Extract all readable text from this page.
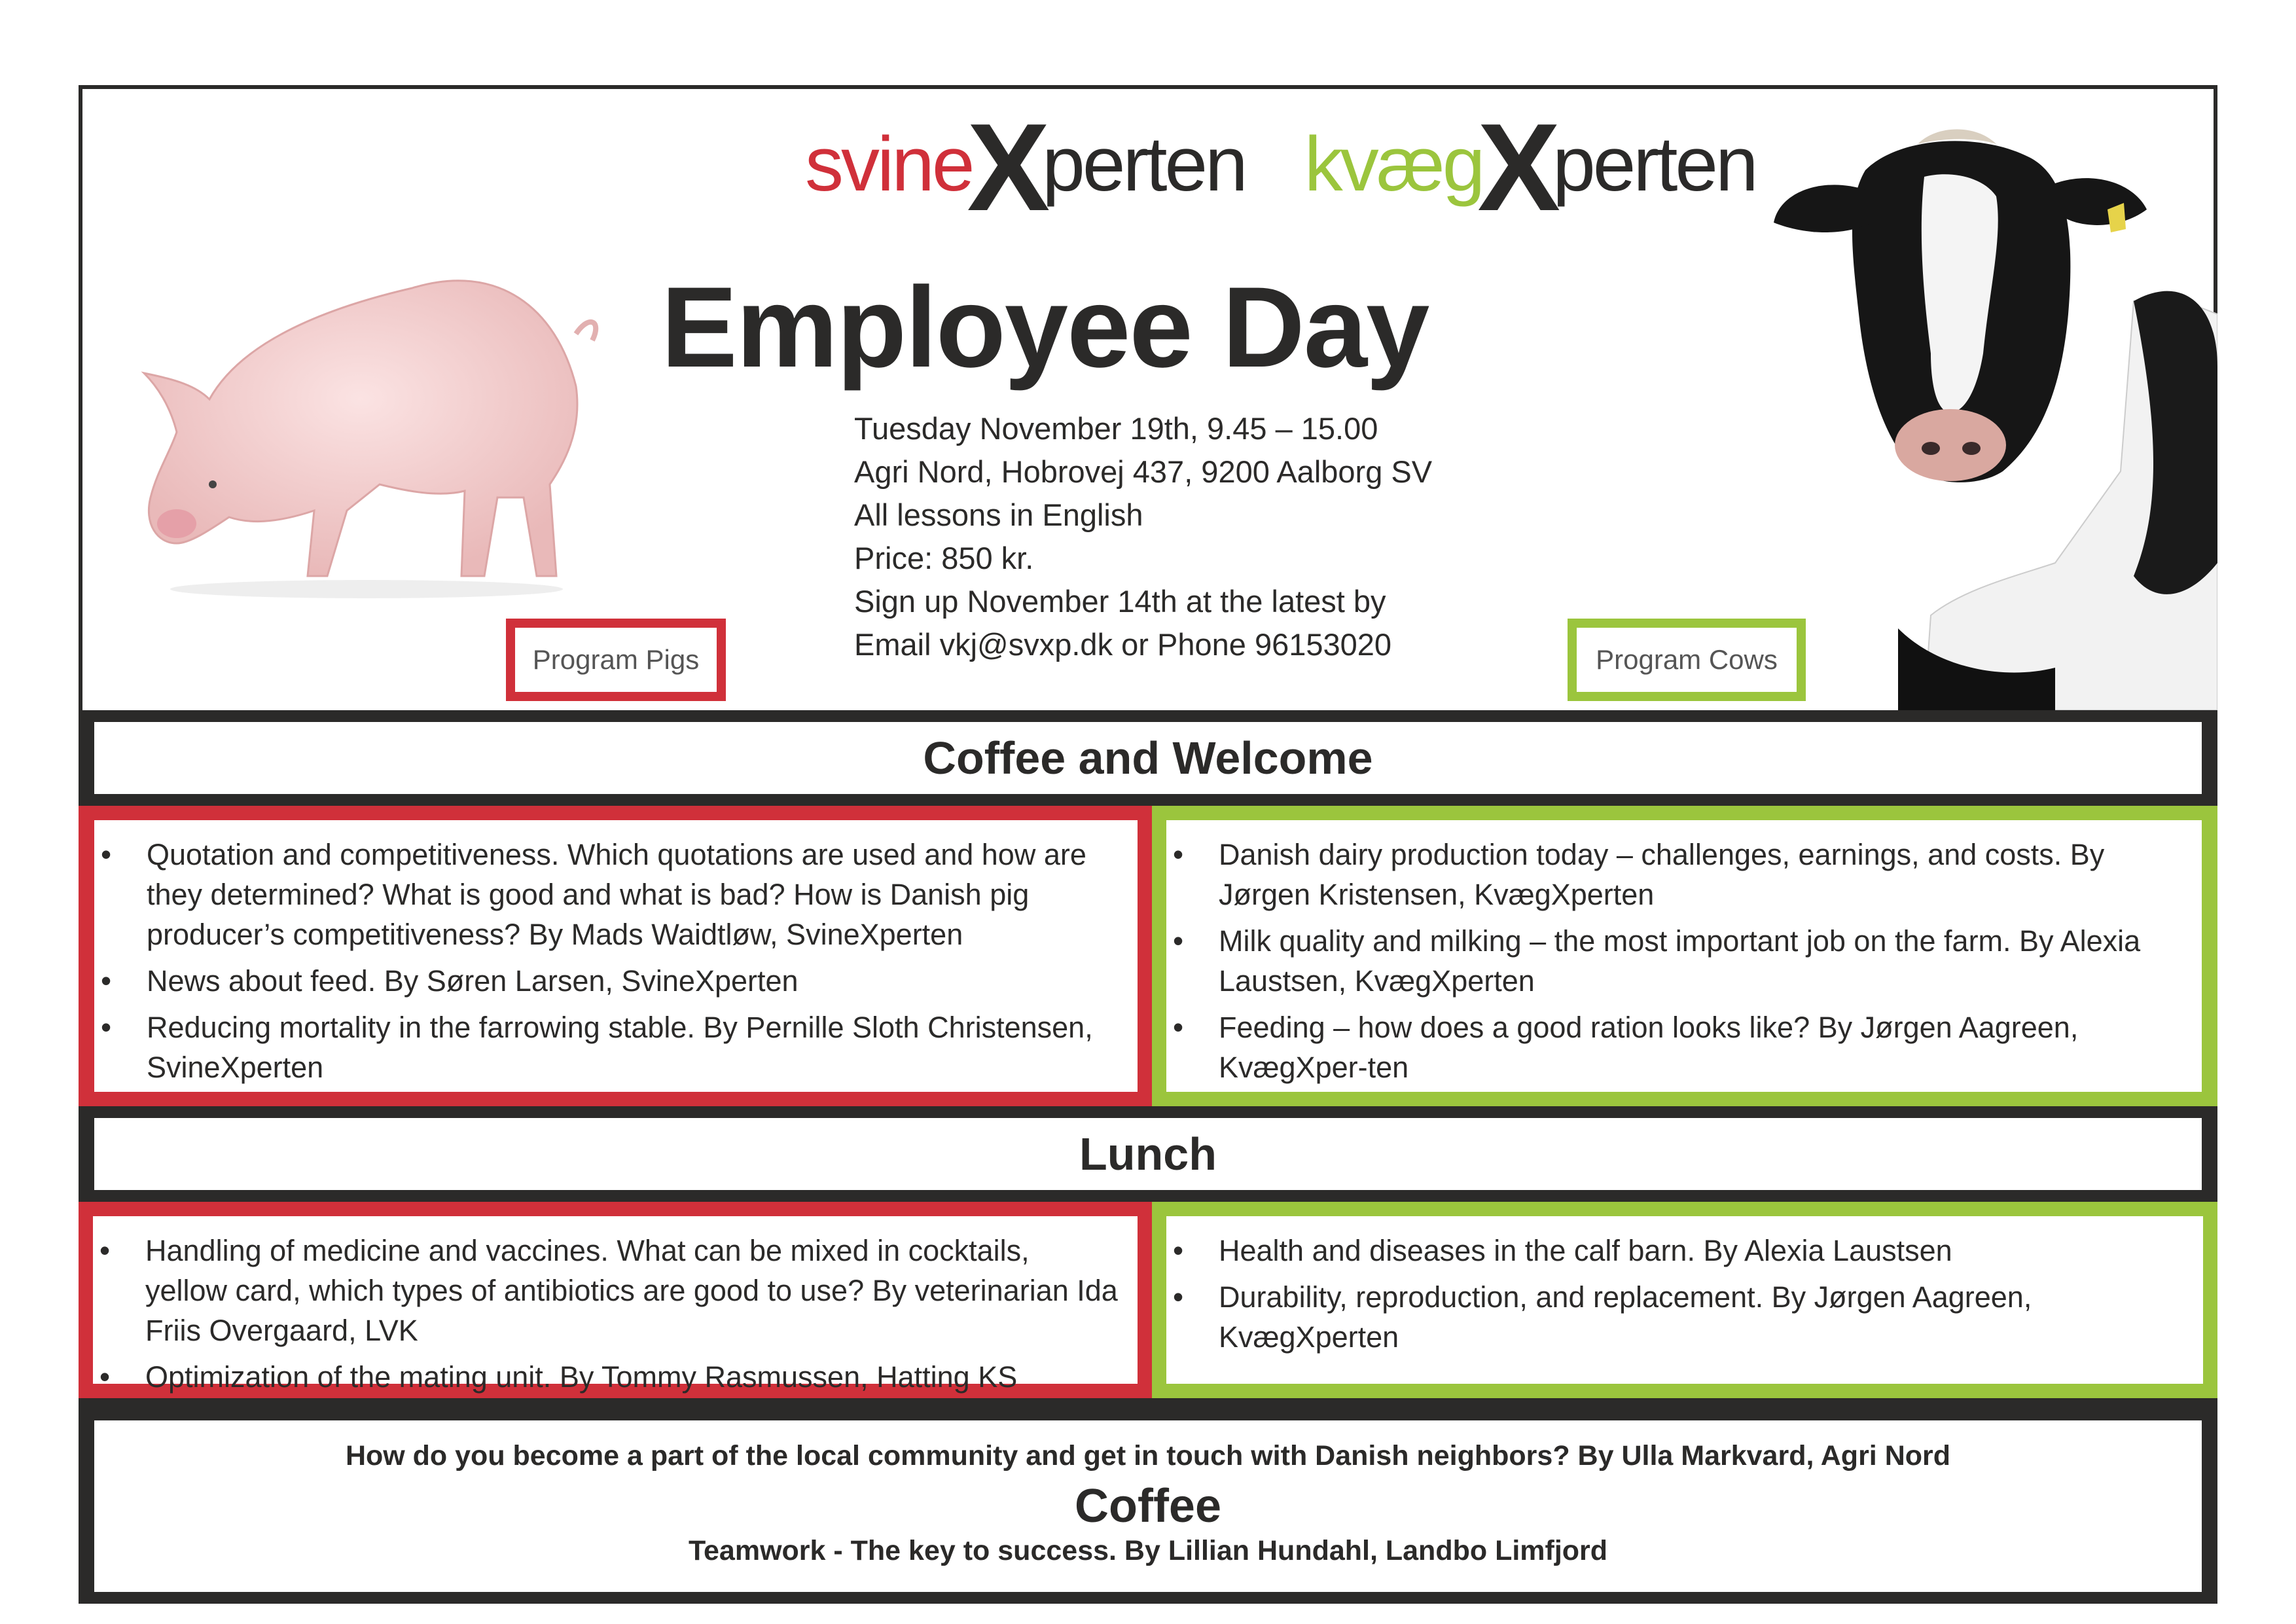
svine
X
perten kvæg
X
perten
Employee Day
Tuesday November 19th, 9.45 – 15.00
Agri Nord, Hobrovej 437, 9200 Aalborg SV
All lessons in English
Price: 850 kr.
Sign up November 14th at the latest by
Email vkj@svxp.dk or Phone 96153020
Program Pigs	Program Cows
Coffee and Welcome
• Quotation and competitiveness. Which quotations are used and how are they determined? What is good and what is bad? How is Danish pig producer’s competitiveness? By Mads Waidtløw, SvineXperten
• News about feed. By Søren Larsen, SvineXperten
• Reducing mortality in the farrowing stable. By Pernille Sloth Christensen, SvineXperten
• Danish dairy production today – challenges, earnings, and costs. By Jørgen Kristensen, KvægXperten
• Milk quality and milking – the most important job on the farm. By Alexia Laustsen, KvægXperten
• Feeding – how does a good ration looks like? By Jørgen Aagreen, KvægXper-ten
Lunch
• Handling of medicine and vaccines. What can be mixed in cocktails, yellow card, which types of antibiotics are good to use? By veterinarian Ida Friis Overgaard, LVK
• Optimization of the mating unit. By Tommy Rasmussen, Hatting KS
• Health and diseases in the calf barn. By Alexia Laustsen
• Durability, reproduction, and replacement. By Jørgen Aagreen, KvægXperten
How do you become a part of the local community and get in touch with Danish neighbors? By Ulla Markvard, Agri Nord
Coffee
Teamwork - The key to success. By Lillian Hundahl, Landbo Limfjord
